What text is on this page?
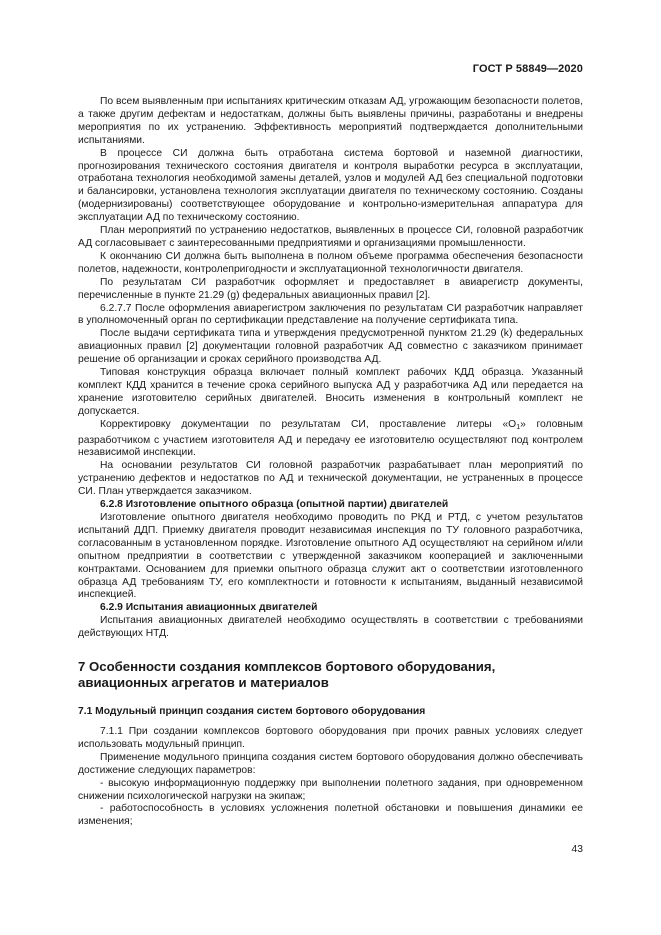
ГОСТ Р 58849—2020

По всем выявленным при испытаниях критическим отказам АД, угрожающим безопасности полетов, а также другим дефектам и недостаткам, должны быть выявлены причины, разработаны и внедрены мероприятия по их устранению. Эффективность мероприятий подтверждается дополнительными испытаниями.

В процессе СИ должна быть отработана система бортовой и наземной диагностики, прогнозирования технического состояния двигателя и контроля выработки ресурса в эксплуатации, отработана технология необходимой замены деталей, узлов и модулей АД без специальной подготовки и балансировки, установлена технология эксплуатации двигателя по техническому состоянию. Созданы (модернизированы) соответствующее оборудование и контрольно-измерительная аппаратура для эксплуатации АД по техническому состоянию.

План мероприятий по устранению недостатков, выявленных в процессе СИ, головной разработчик АД согласовывает с заинтересованными предприятиями и организациями промышленности.

К окончанию СИ должна быть выполнена в полном объеме программа обеспечения безопасности полетов, надежности, контролепригодности и эксплуатационной технологичности двигателя.

По результатам СИ разработчик оформляет и предоставляет в авиарегистр документы, перечисленные в пункте 21.29 (g) федеральных авиационных правил [2].

6.2.7.7 После оформления авиарегистром заключения по результатам СИ разработчик направляет в уполномоченный орган по сертификации представление на получение сертификата типа.

После выдачи сертификата типа и утверждения предусмотренной пунктом 21.29 (k) федеральных авиационных правил [2] документации головной разработчик АД совместно с заказчиком принимает решение об организации и сроках серийного производства АД.

Типовая конструкция образца включает полный комплект рабочих КДД образца. Указанный комплект КДД хранится в течение срока серийного выпуска АД у разработчика АД или передается на хранение изготовителю серийных двигателей. Вносить изменения в контрольный комплект не допускается.

Корректировку документации по результатам СИ, проставление литеры «$О_1$» головным разработчиком с участием изготовителя АД и передачу ее изготовителю осуществляют под контролем независимой инспекции.

На основании результатов СИ головной разработчик разрабатывает план мероприятий по устранению дефектов и недостатков по АД и технической документации, не устраненных в процессе СИ. План утверждается заказчиком.

6.2.8 Изготовление опытного образца (опытной партии) двигателей

Изготовление опытного двигателя необходимо проводить по РКД и РТД, с учетом результатов испытаний ДДП. Приемку двигателя проводит независимая инспекция по ТУ головного разработчика, согласованным в установленном порядке. Изготовление опытного АД осуществляют на серийном и/или опытном предприятии в соответствии с утвержденной заказчиком кооперацией и заключенными контрактами. Основанием для приемки опытного образца служит акт о соответствии изготовленного образца АД требованиям ТУ, его комплектности и готовности к испытаниям, выданный независимой инспекцией.

6.2.9 Испытания авиационных двигателей

Испытания авиационных двигателей необходимо осуществлять в соответствии с требованиями действующих НТД.

7 Особенности создания комплексов бортового оборудования, авиационных агрегатов и материалов

7.1 Модульный принцип создания систем бортового оборудования

7.1.1 При создании комплексов бортового оборудования при прочих равных условиях следует использовать модульный принцип.

Применение модульного принципа создания систем бортового оборудования должно обеспечивать достижение следующих параметров:

- высокую информационную поддержку при выполнении полетного задания, при одновременном снижении психологической нагрузки на экипаж;

- работоспособность в условиях усложнения полетной обстановки и повышения динамики ее изменения;

43
